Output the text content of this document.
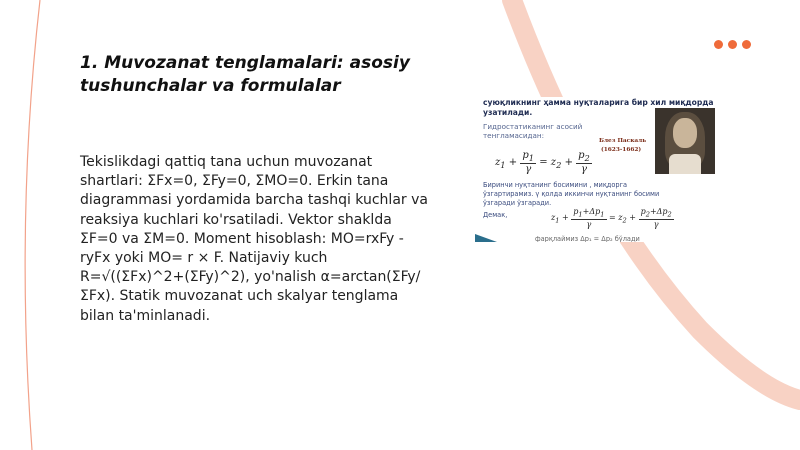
1. Muvozanat tenglamalari: asosiy tushunchalar va formulalar

Tekislikdagi qattiq tana uchun muvozanat shartlari: ΣFx=0, ΣFy=0, ΣMO=0. Erkin tana diagrammasi yordamida barcha tashqi kuchlar va reaksiya kuchlari ko'rsatiladi. Vektor shaklda ΣF=0 va ΣM=0. Moment hisoblash: MO=rxFy - ryFx yoki MO= r × F. Natijaviy kuch R=√((ΣFx)^2+(ΣFy)^2), yo'nalish α=arctan(ΣFy/ΣFx). Statik muvozanat uch skalyar tenglama bilan ta'minlanadi.

суюқликнинг ҳамма нуқталарига бир хил миқдорда
узатилади.
Гидростатиканинг асосий
тенгламасидан:
$z_1 + \frac{p_1}{\gamma} = z_2 + \frac{p_2}{\gamma}$
Блез Паскаль
(1623-1662)
Биринчи нуқтанинг босимини , миқдорга
ўзгартирамиз. γ қолда иккинчи нуқтанинг босими
ўзгаради ўзгаради.
Демак,	$z_1 + \frac{p_1+\Delta p_1}{\gamma} = z_2 + \frac{p_2+\Delta p_2}{\gamma}$
фарқлаймиз Δp₁ = Δp₂ бўлади
